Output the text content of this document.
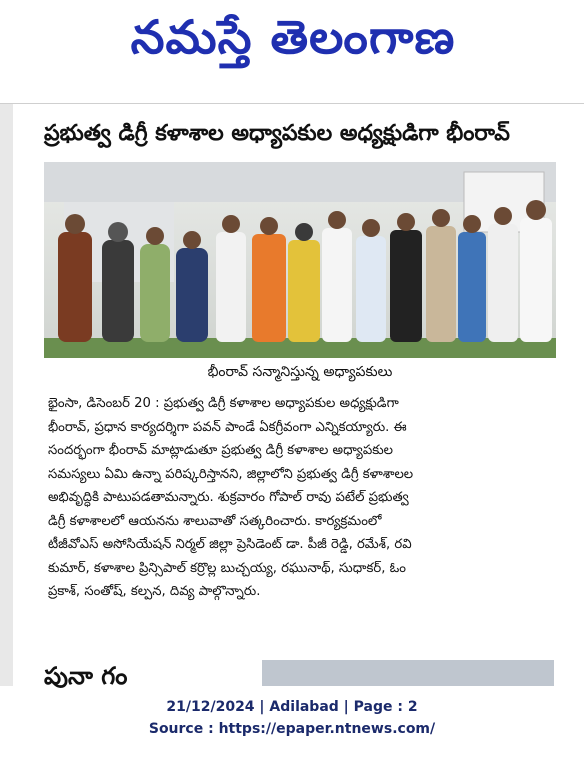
నమస్తే తెలంగాణ
ప్రభుత్వ డిగ్రీ కళాశాల అధ్యాపకుల అధ్యక్షుడిగా భీంరావ్
భీంరావ్ సన్మానిస్తున్న అధ్యాపకులు
భైంసా, డిసెంబర్ 20 : ప్రభుత్వ డిగ్రీ కళాశాల అధ్యాపకుల అధ్యక్షుడిగా
భీంరావ్, ప్రధాన కార్యదర్శిగా పవన్ పాండే ఏకగ్రీవంగా ఎన్నికయ్యారు. ఈ
సందర్భంగా భీంరావ్ మాట్లాడుతూ ప్రభుత్వ డిగ్రీ కళాశాల అధ్యాపకుల
సమస్యలు ఏమి ఉన్నా పరిష్కరిస్తానని, జిల్లాలోని ప్రభుత్వ డిగ్రీ కళాశాలల
అభివృద్ధికి పాటుపడతామన్నారు. శుక్రవారం గోపాల్ రావు పటేల్ ప్రభుత్వ
డిగ్రీ కళాశాలలో ఆయనను శాలువాతో సత్కరించారు. కార్యక్రమంలో
టీజీవోఎస్ అసోసియేషన్ నిర్మల్ జిల్లా ప్రెసిడెంట్ డా. పీజీ రెడ్డి, రమేశ్, రవి
కుమార్, కళాశాల ప్రిన్సిపాల్ కర్రొల్ల బుచ్చయ్య, రఘునాథ్, సుధాకర్, ఓం
ప్రకాశ్, సంతోష్, కల్పన, దివ్య పాల్గొన్నారు.
పునా గం
21/12/2024 | Adilabad | Page : 2
Source : https://epaper.ntnews.com/
